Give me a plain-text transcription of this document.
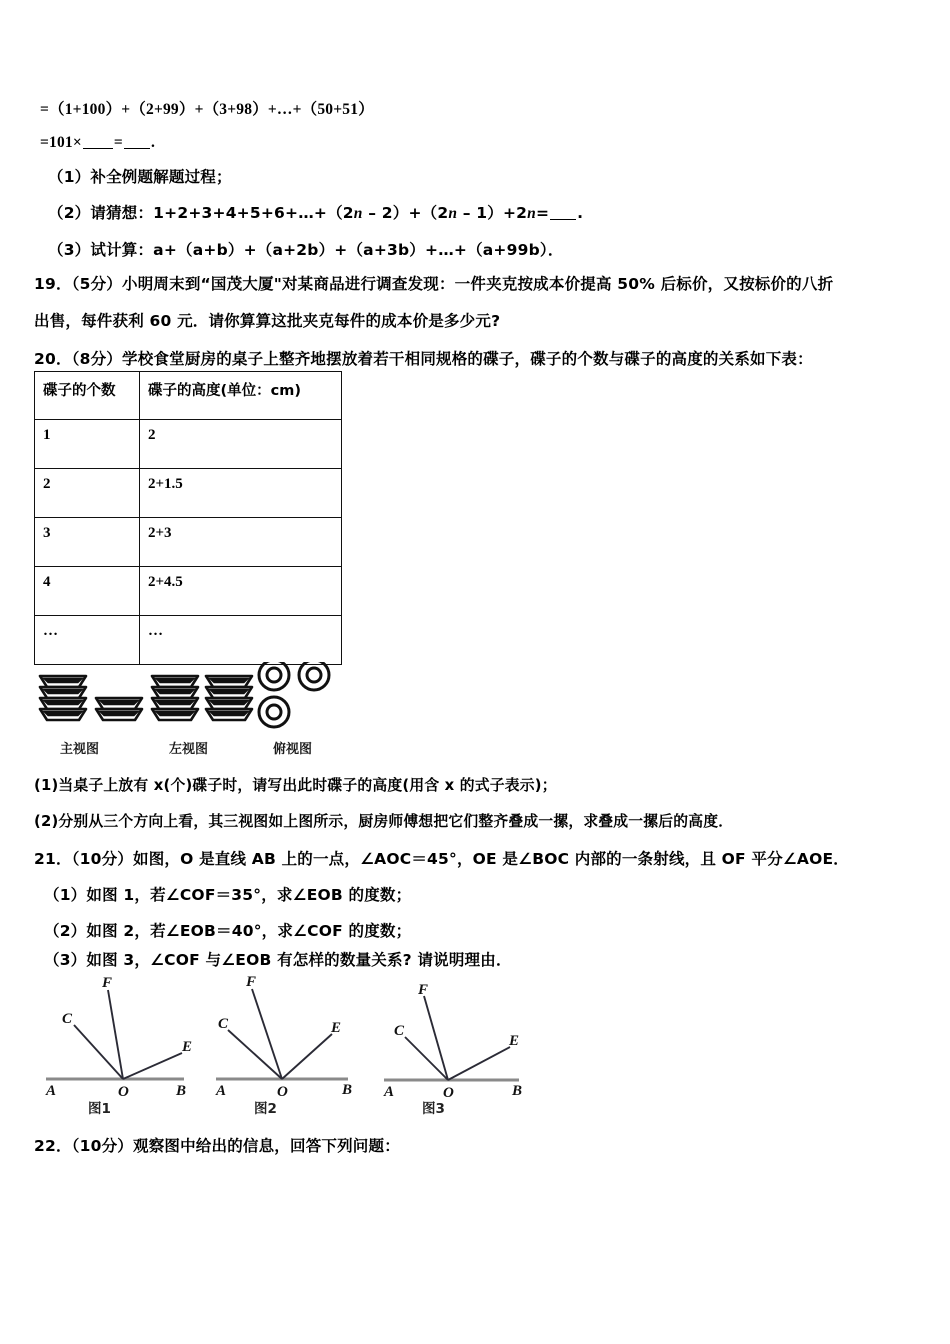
=（1+100）+（2+99）+（3+98）+…+（50+51）
=101× = .
（1）补全例题解题过程；
（2）请猜想：1+2+3+4+5+6+…+（2n – 2）+（2n – 1）+2n= .
（3）试计算：a+（a+b）+（a+2b）+（a+3b）+…+（a+99b）．
19．（5分）小明周末到“国茂大厦"对某商品进行调查发现：一件夹克按成本价提高 50% 后标价，又按标价的八折
出售，每件获利 60 元．请你算算这批夹克每件的成本价是多少元?
20．（8分）学校食堂厨房的桌子上整齐地摆放着若干相同规格的碟子，碟子的个数与碟子的高度的关系如下表：
碟子的个数	碟子的高度(单位：cm)
1	2
2	2+1.5
3	2+3
4	2+4.5
…	…
主视图	左视图	俯视图
(1)当桌子上放有 x(个)碟子时，请写出此时碟子的高度(用含 x 的式子表示)；
(2)分别从三个方向上看，其三视图如上图所示，厨房师傅想把它们整齐叠成一摞，求叠成一摞后的高度．
21．（10分）如图，O 是直线 AB 上的一点，∠AOC＝45°，OE 是∠BOC 内部的一条射线，且 OF 平分∠AOE．
（1）如图 1，若∠COF＝35°，求∠EOB 的度数；
（2）如图 2，若∠EOB＝40°，求∠COF 的度数；
（3）如图 3，∠COF 与∠EOB 有怎样的数量关系? 请说明理由．
F
C
E
A	O	B
图1
F
C	E
A	O	B
图2
F
C
E
A	O	B
图3
22．（10分）观察图中给出的信息，回答下列问题：
